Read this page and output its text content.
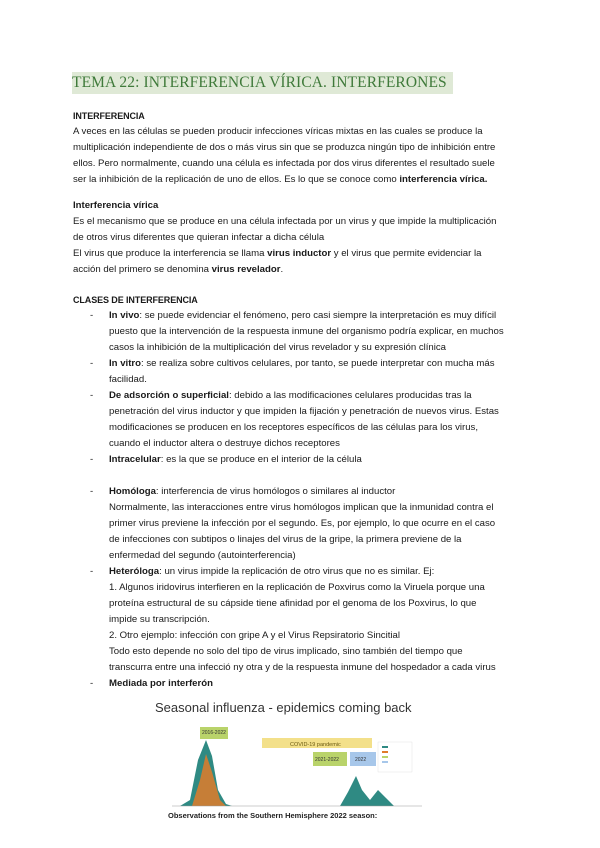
TEMA 22: INTERFERENCIA VÍRICA. INTERFERONES
INTERFERENCIA
A veces en las células se pueden producir infecciones víricas mixtas en las cuales se produce la
multiplicación independiente de dos o más virus sin que se produzca ningún tipo de inhibición entre
ellos. Pero normalmente, cuando una célula es infectada por dos virus diferentes el resultado suele
ser la inhibición de la replicación de uno de ellos. Es lo que se conoce como interferencia vírica.
Interferencia vírica
Es el mecanismo que se produce en una célula infectada por un virus y que impide la multiplicación
de otros virus diferentes que quieran infectar a dicha célula
El virus que produce la interferencia se llama virus inductor y el virus que permite evidenciar la
acción del primero se denomina virus revelador.
CLASES DE INTERFERENCIA
- In vivo: se puede evidenciar el fenómeno, pero casi siempre la interpretación es muy difícil
puesto que la intervención de la respuesta inmune del organismo podría explicar, en muchos
casos la inhibición de la multiplicación del virus revelador y su expresión clínica
- In vitro: se realiza sobre cultivos celulares, por tanto, se puede interpretar con mucha más
facilidad.
- De adsorción o superficial: debido a las modificaciones celulares producidas tras la
penetración del virus inductor y que impiden la fijación y penetración de nuevos virus. Estas
modificaciones se producen en los receptores específicos de las células para los virus,
cuando el inductor altera o destruye dichos receptores
- Intracelular: es la que se produce en el interior de la célula
- Homóloga: interferencia de virus homólogos o similares al inductor
Normalmente, las interacciones entre virus homólogos implican que la inmunidad contra el
primer virus previene la infección por el segundo. Es, por ejemplo, lo que ocurre en el caso
de infecciones con subtipos o linajes del virus de la gripe, la primera previene de la
enfermedad del segundo (autointerferencia)
- Heteróloga: un virus impide la replicación de otro virus que no es similar. Ej:
1. Algunos iridovirus interfieren en la replicación de Poxvirus como la Viruela porque una
proteína estructural de su cápside tiene afinidad por el genoma de los Poxvirus, lo que
impide su transcripción.
2. Otro ejemplo: infección con gripe A y el Virus Repsiratorio Sincitial
Todo esto depende no solo del tipo de virus implicado, sino también del tiempo que
transcurra entre una infecció ny otra y de la respuesta inmune del hospedador a cada virus
- Mediada por interferón
Seasonal influenza - epidemics coming back
COVID-19 pandemic
2016-2022
2021-2022	2022
Observations from the Southern Hemisphere 2022 season:
